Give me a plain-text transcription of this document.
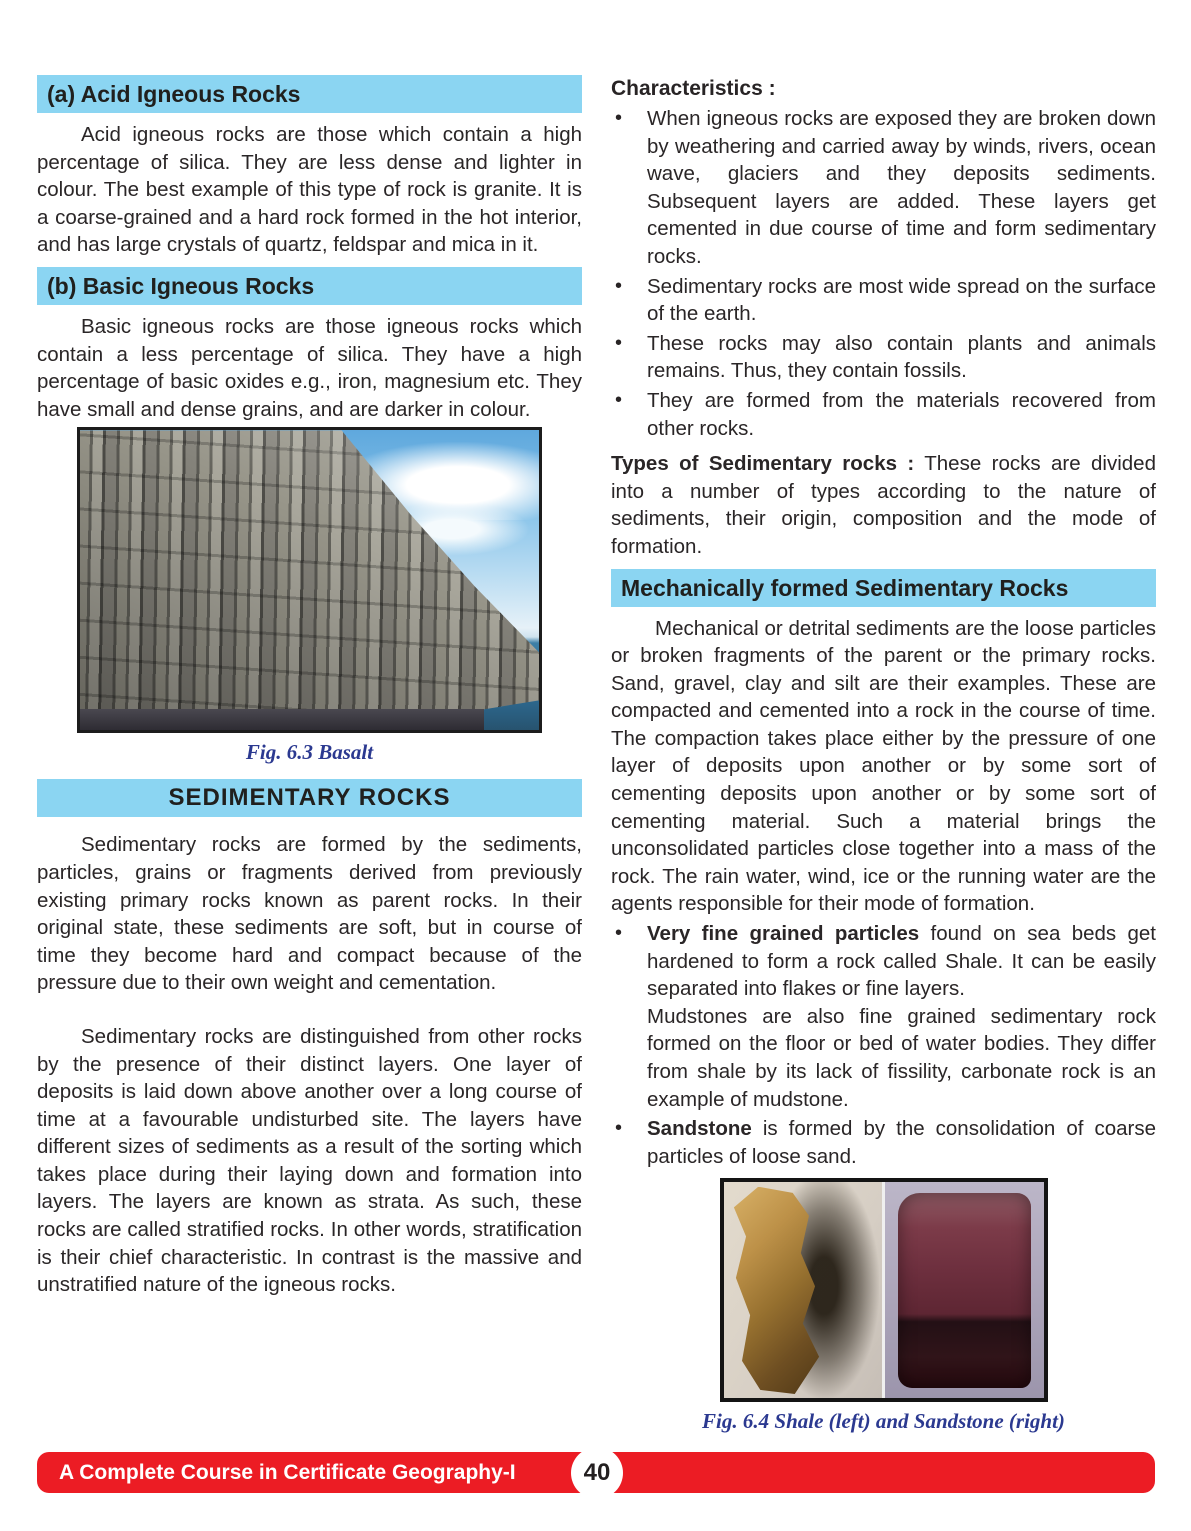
(a) Acid Igneous Rocks

Acid igneous rocks are those which contain a high percentage of silica. They are less dense and lighter in colour. The best example of this type of rock is granite. It is a coarse-grained and a hard rock formed in the hot interior, and has large crystals of quartz, feldspar and mica in it.

(b) Basic Igneous Rocks

Basic igneous rocks are those igneous rocks which contain a less percentage of silica. They have a high percentage of basic oxides e.g., iron, magnesium etc. They have small and dense grains, and are darker in colour.

Fig. 6.3 Basalt
SEDIMENTARY ROCKS

Sedimentary rocks are formed by the sediments, particles, grains or fragments derived from previously existing primary rocks known as parent rocks. In their original state, these sediments are soft, but in course of time they become hard and compact because of the pressure due to their own weight and cementation.

Sedimentary rocks are distinguished from other rocks by the presence of their distinct layers. One layer of deposits is laid down above another over a long course of time at a favourable undisturbed site. The layers have different sizes of sediments as a result of the sorting which takes place during their laying down and formation into layers. The layers are known as strata. As such, these rocks are called stratified rocks. In other words, stratification is their chief characteristic. In contrast is the massive and unstratified nature of the igneous rocks.

Characteristics :
•	When igneous rocks are exposed they are broken down by weathering and carried away by winds, rivers, ocean wave, glaciers and they deposits sediments. Subsequent layers are added. These layers get cemented in due course of time and form sedimentary rocks.

•	Sedimentary rocks are most wide spread on the surface of the earth.

•	These rocks may also contain plants and animals remains. Thus, they contain fossils.

•	They are formed from the materials recovered from other rocks.

Types of Sedimentary rocks : These rocks are divided into a number of types according to the nature of sediments, their origin, composition and the mode of formation.

Mechanically formed Sedimentary Rocks

Mechanical or detrital sediments are the loose particles or broken fragments of the parent or the primary rocks. Sand, gravel, clay and silt are their examples. These are compacted and cemented into a rock in the course of time. The compaction takes place either by the pressure of one layer of deposits upon another or by some sort of cementing deposits upon another or by some sort of cementing material. Such a material brings the unconsolidated particles close together into a mass of the rock. The rain water, wind, ice or the running water are the agents responsible for their mode of formation.

•	Very fine grained particles found on sea beds get hardened to form a rock called Shale. It can be easily separated into flakes or fine layers.

Mudstones are also fine grained sedimentary rock formed on the floor or bed of water bodies. They differ from shale by its lack of fissility, carbonate rock is an example of mudstone.

•	Sandstone is formed by the consolidation of coarse particles of loose sand.

Fig. 6.4 Shale (left) and Sandstone (right)
A Complete Course in Certificate Geography-I	40
